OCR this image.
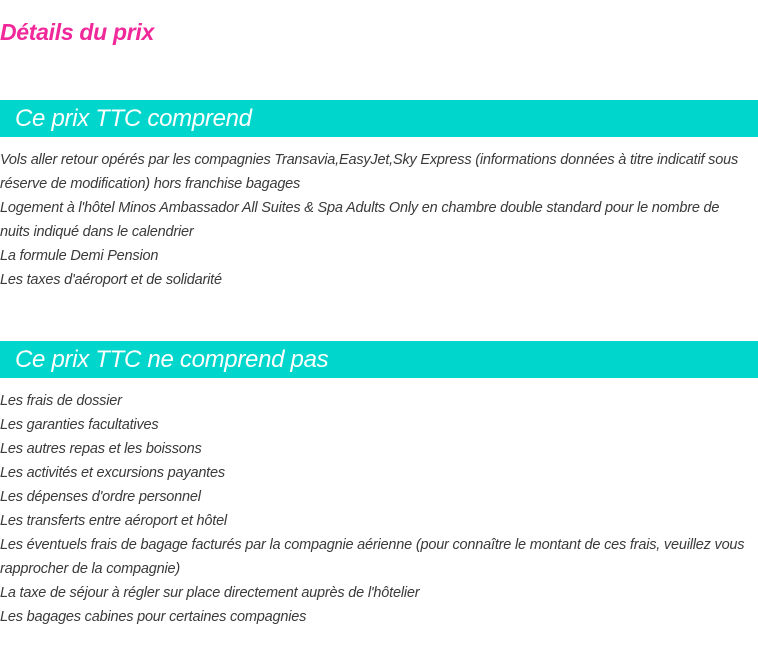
Détails du prix
Ce prix TTC comprend
Vols aller retour opérés par les compagnies Transavia,EasyJet,Sky Express (informations données à titre indicatif sous réserve de modification) hors franchise bagages
Logement à l'hôtel Minos Ambassador All Suites & Spa Adults Only en chambre double standard pour le nombre de nuits indiqué dans le calendrier
La formule Demi Pension
Les taxes d'aéroport et de solidarité
Ce prix TTC ne comprend pas
Les frais de dossier
Les garanties facultatives
Les autres repas et les boissons
Les activités et excursions payantes
Les dépenses d'ordre personnel
Les transferts entre aéroport et hôtel
Les éventuels frais de bagage facturés par la compagnie aérienne (pour connaître le montant de ces frais, veuillez vous rapprocher de la compagnie)
La taxe de séjour à régler sur place directement auprès de l'hôtelier
Les bagages cabines pour certaines compagnies
